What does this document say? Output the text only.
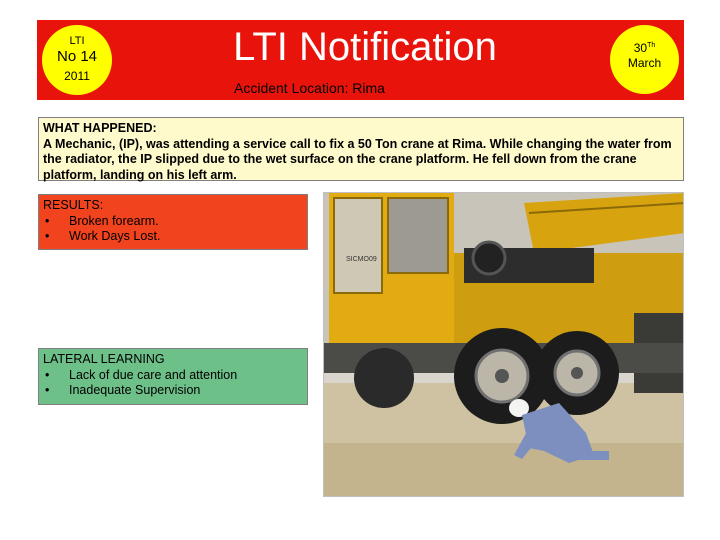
LTI
No 14
2011
LTI Notification
Accident Location: Rima
30Th
March
WHAT HAPPENED:
A Mechanic, (IP), was attending a service call to fix a 50 Ton crane at Rima. While changing the water from the radiator, the IP slipped due to the wet surface on the crane platform. He fell down from the crane platform, landing on his left arm.
RESULTS:
• Broken forearm.
• Work Days Lost.
LATERAL LEARNING
• Lack of due care and attention
• Inadequate Supervision
SICMO09
